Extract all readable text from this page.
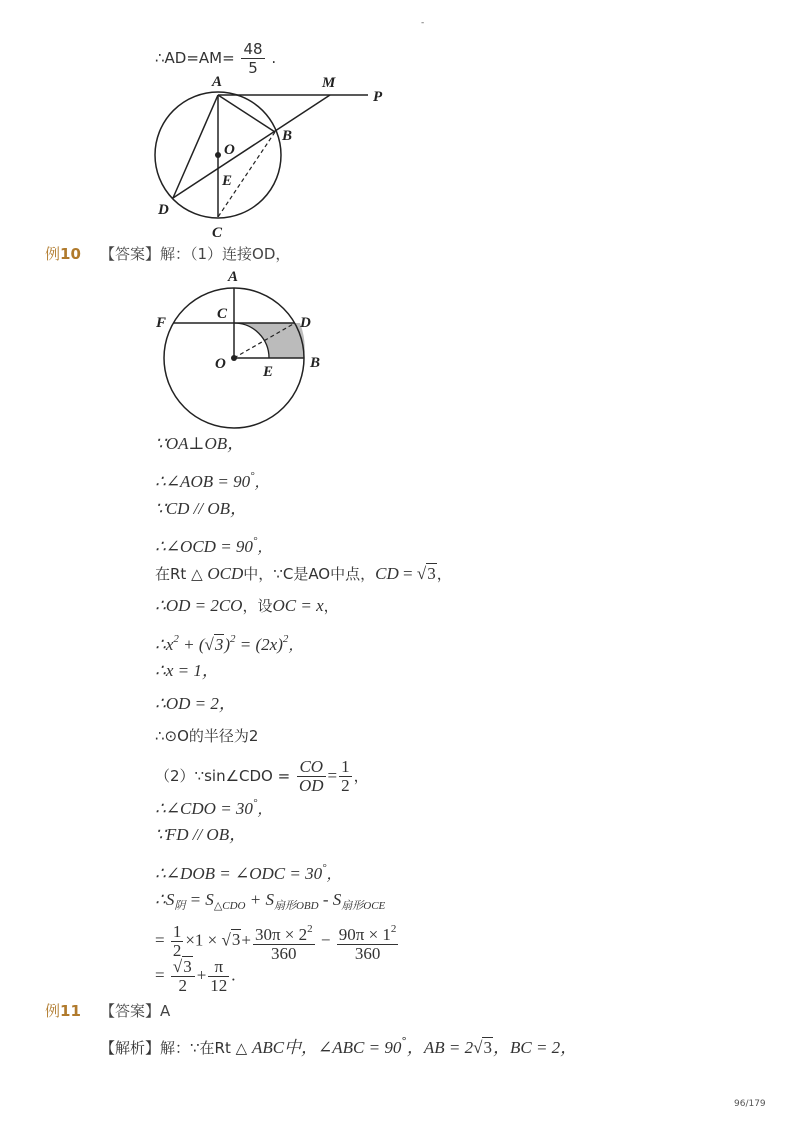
-
∴AD=AM= $\frac{48}{5}$ .
A	M
P
B
O
E
D
C
例10 【答案】解：（1）连接OD，
A
C
D
F
O E
B
∵OA⊥OB，
∴∠AOB = 90°，
∵CD // OB，
∴∠OCD = 90°，
在Rt △ OCD中，∵C是AO中点，CD = √3，
∴OD = 2CO，设OC = x，
$\therefore x^2 + (√3)^2 = (2x)^2$，
∴x = 1，
∴OD = 2，
∴⊙O的半径为2
（2）∵sin∠CDO = $\frac{CO}{OD} = \frac{1}{2}$ ，
∴∠CDO = 30°，
∵FD // OB，
∴∠DOB = ∠ODC = 30°，
$\therefore S_阴 = S_{\triangle CDO} + S_{扇形OBD} - S_{扇形OCE}$
= $\frac{1}{2} \times 1 \times √3+ \frac{30\pi \times 2^2}{360} - \frac{90\pi \times 1^2}{360}$
= $\frac{√3}{2} + \frac{\pi}{12}$ .
例11 【答案】A
【解析】解：∵在Rt △ ABC中，∠ABC = 90°，AB = 2√3，BC = 2，
96/179
